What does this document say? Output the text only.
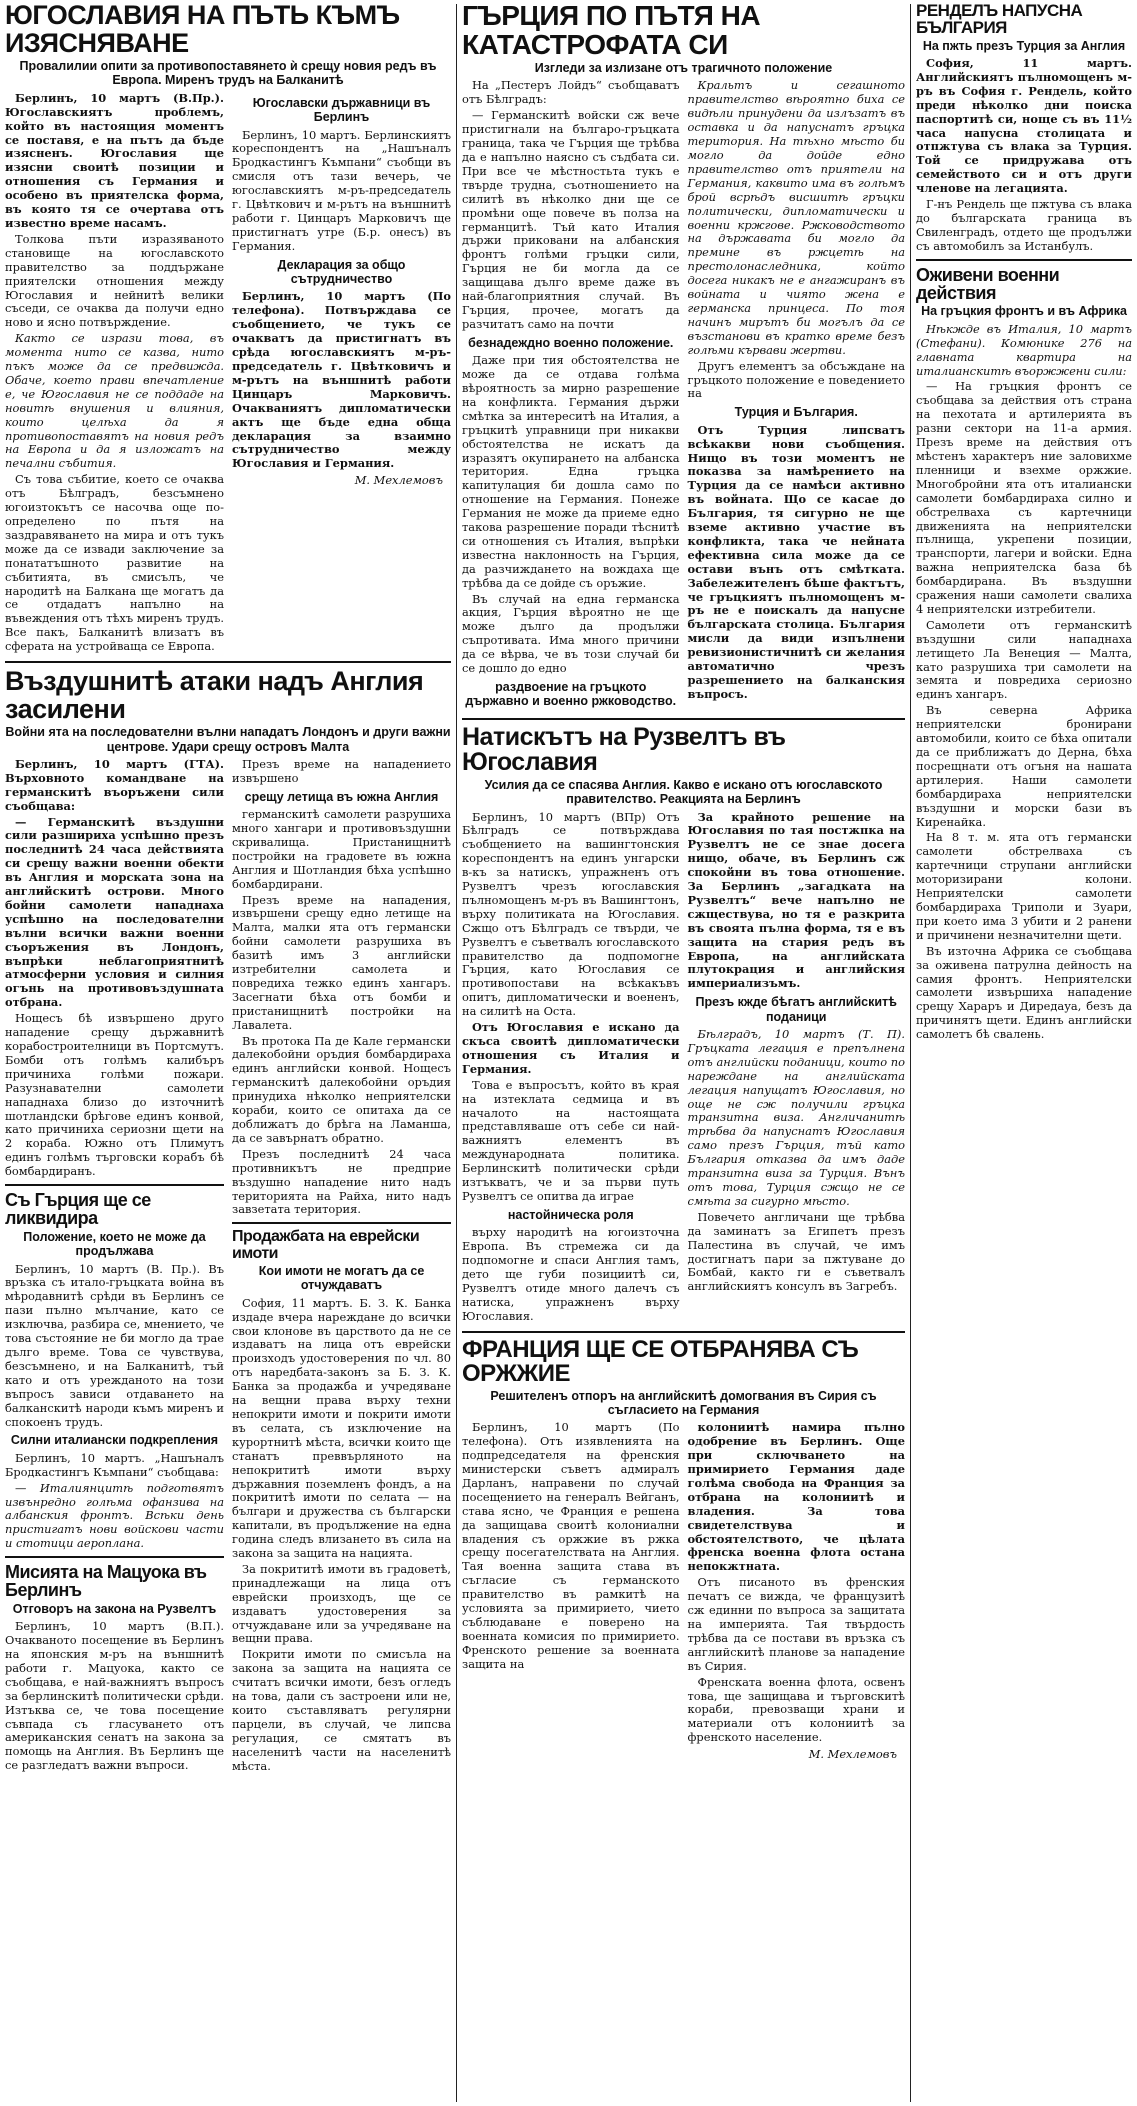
ЮГОСЛАВИЯ НА ПЪТЬ КЪМЪ ИЗЯСНЯВАНЕ
Провалилии опити за противопоставянето ѝ срещу новия редъ въ Европа. Миренъ трудъ на Балканитѣ

Берлинъ, 10 мартъ (В.Пр.). Югославскиятъ проблемъ, който въ настоящия моментъ се поставя, е на пътъ да бъде изясненъ. Югославия ще изясни своитѣ позиции и отношения съ Германия и особено въ приятелска форма, въ която тя се очертава отъ известно време насамъ.

Толкова пъти изразяваното становище на югославското правителство за поддържане приятелски отношения между Югославия и нейнитѣ велики съседи, се очаква да получи едно ново и ясно потвърждение.

Както се изрази това, въ момента нито се казва, нито пъкъ може да се предвижда. Обаче, което прави впечатление е, че Югославия не се поддаде на новитѣ внушения и влияния, които целѣха да я противопоставятъ на новия редъ на Европа и да я изложатъ на печални събития.

Съ това събитие, което се очаква отъ Бѣлградъ, безсъмнено югоизтокътъ се насочва още по-определено по пътя на заздравяването на мира и отъ тукъ може да се извади заключение за понататъшното развитие на събитията, въ смисълъ, че народитѣ на Балкана ще могатъ да се отдадатъ напълно на въвеждения отъ тѣхъ миренъ трудъ. Все пакъ, Балканитѣ влизатъ въ сферата на устройваща се Европа.

Югославски държавници въ Берлинъ

Берлинъ, 10 мартъ. Берлинскиятъ кореспондентъ на „Нашъналъ Бродкастингъ Къмпани“ съобщи въ смисля отъ тази вечерь, че югославскиятъ м-ръ-председатель г. Цвѣткович и м-рътъ на външнитѣ работи г. Цинцаръ Марковичъ ще пристигнатъ утре (Б.р. онесъ) въ Германия.

Декларация за общо сътрудничество

Берлинъ, 10 мартъ (По телефона). Потвърждава се съобщението, че тукъ се очакватъ да пристигнатъ въ срѣда югославскиятъ м-ръ-председатель г. Цвѣтковичъ и м-рътъ на външнитѣ работи Цинцаръ Марковичъ. Очакваниятъ дипломатически актъ ще бъде една обща декларация за взаимно сътрудничество между Югославия и Германия.

М. Мехлемовъ
Въздушнитѣ атаки надъ Англия засилени
Войни ята на последователни вълни нападатъ Лондонъ и други важни центрове. Удари срещу островъ Малта

Берлинъ, 10 мартъ (ГТА). Върховното командване на германскитѣ въоръжени сили съобщава:

— Германскитѣ въздушни сили разшириха успѣшно презъ последнитѣ 24 часа действията си срещу важни военни обекти въ Англия и морската зона на английскитѣ острови. Много бойни самолети нападнаха успѣшно на последователни вълни всички важни военни съоръжения въ Лондонъ, въпрѣки неблагоприятнитѣ атмосферни условия и силния огънь на противовъздушната отбрана.

Нощесъ бѣ извършено друго нападение срещу държавнитѣ корабостроителници въ Портсмутъ. Бомби отъ голѣмъ калибъръ причиниха голѣми пожари. Разузнавателни самолети нападнаха близо до източнитѣ шотландски брѣгове единъ конвой, като причиниха сериозни щети на 2 кораба. Южно отъ Плимутъ единъ голѣмъ търговски корабъ бѣ бомбардиранъ.

Съ Гърция ще се ликвидира
Положение, което не може да продължава

Берлинъ, 10 мартъ (В. Пр.). Въ връзка съ итало-гръцката война въ мѣродавнитѣ срѣди въ Берлинъ се пази пълно мълчание, като се изключва, разбира се, мнението, че това състояние не би могло да трае дълго време. Това се чувствува, безсъмнено, и на Балканитѣ, тъй като и отъ урежданото на този въпросъ зависи отдаването на балканскитѣ народи къмъ миренъ и спокоенъ трудъ.

Силни италиански подкрепления

Берлинъ, 10 мартъ. „Нашъналъ Бродкастингъ Къмпани“ съобщава:

— Италиянцитѣ подготвятъ извънредно голѣма офанзива на албанския фронтъ. Всѣки день пристигатъ нови войскови части и стотици аероплана.

Мисията на Мацуока въ Берлинъ
Отговоръ на закона на Рузвелтъ

Берлинъ, 10 мартъ (В.П.). Очакваното посещение въ Берлинъ на японския м-ръ на външнитѣ работи г. Мацуока, както се съобщава, е най-важниятъ въпросъ за берлинскитѣ политически срѣди. Изтъква се, че това посещение съвпада съ гласуването отъ американския сенатъ на закона за помощь на Англия. Въ Берлинъ ще се разгледатъ важни въпроси.

Презъ време на нападението извършено

срещу летища въ южна Англия

германскитѣ самолети разрушиха много хангари и противовъздушни скривалища. Пристанищнитѣ постройки на градовете въ южна Англия и Шотландия бѣха успѣшно бомбардирани.

Презъ време на нападения, извършени срещу едно летище на Малта, малки ята отъ германски бойни самолети разрушиха въ базитѣ имъ 3 английски изтребителни самолета и повредиха тежко единъ хангаръ. Засегнати бѣха отъ бомби и пристанищнитѣ постройки на Лавалета.

Въ протока Па де Кале германски далекобойни оръдия бомбардираха единъ английски конвой. Нощесъ германскитѣ далекобойни оръдия принудиха нѣколко неприятелски кораби, които се опитаха да се доближатъ до брѣга на Ламанша, да се завърнатъ обратно.

Презъ последнитѣ 24 часа противникътъ не предприе въздушно нападение нито надъ територията на Райха, нито надъ завзетата територия.

Продажбата на еврейски имоти
Кои имоти не могатъ да се отчуждаватъ

София, 11 мартъ. Б. З. К. Банка издаде вчера нареждане до всички свои клонове въ царството да не се издаватъ на лица отъ еврейски произходъ удостоверения по чл. 80 отъ наредбата-законъ за Б. З. К. Банка за продажба и учредяване на вещни права върху техни непокрити имоти и покрити имоти въ селата, съ изключение на курортнитѣ мѣста, всички които ще станатъ преввърляното на непокрититѣ имоти върху държавния поземленъ фондъ, а на покрититѣ имоти по селата — на българи и дружества съ български капитали, въ продължение на една година следъ влизането въ сила на закона за защита на нацията.

За покрититѣ имоти въ градоветѣ, принадлежащи на лица отъ еврейски произходъ, ще се издаватъ удостоверения за отчуждаване или за учредяване на вещни права.

Покрити имоти по смисъла на закона за защита на нацията се считатъ всички имоти, безъ огледъ на това, дали съ застроени или не, които съставляватъ регулярни парцели, въ случай, че липсва регулация, се смятатъ въ населенитѣ части на населенитѣ мѣста.

ГЪРЦИЯ ПО ПЪТЯ НА КАТАСТРОФАТА СИ
Изгледи за излизане отъ трагичното положение

На „Пестеръ Лойдъ“ съобщаватъ отъ Бѣлградъ:

— Германскитѣ войски сж вече пристигнали на българо-гръцката граница, така че Гърция ще трѣбва да е напълно наясно съ съдбата си. При все че мѣстностьта тукъ е твърде трудна, съотношението на силитѣ въ нѣколко дни ще се промѣни още повече въ полза на германцитѣ. Тъй като Италия държи приковани на албанския фронтъ голѣми гръцки сили, Гърция не би могла да се защищава дълго време даже въ най-благоприятния случай. Въ Гърция, прочее, могатъ да разчитатъ само на почти

безнадеждно военно положение.

Даже при тия обстоятелства не може да се отдава голѣма вѣроятность за мирно разрешение на конфликта. Германия държи смѣтка за интереситѣ на Италия, а гръцкитѣ управници при никакви обстоятелства не искатъ да изразятъ окупирането на албанска територия. Една гръцка капитулация би дошла само по отношение на Германия. Понеже Германия не може да приеме едно такова разрешение поради тѣснитѣ си отношения съ Италия, въпрѣки известна наклонность на Гърция, да разчиждането на вождаха ще трѣбва да се дойде съ оръжие.

Въ случай на една германска акция, Гърция вѣроятно не ще може дълго да продължи съпротивата. Има много причини да се вѣрва, че въ този случай би се дошло до едно

раздвоение на гръцкото държавно и военно ржководство.

Кральтъ и сегашното правителство вѣроятно биха се видѣли принудени да излъзатъ въ оставка и да напуснатъ гръцка територия. На тѣхно мѣсто би могло да дойде едно правителство отъ приятели на Германия, каквито има въ голѣмъ брой всрѣдъ висшитѣ гръцки политически, дипломатически и военни кржгове. Ржководството на държавата би могло да премине въ ржцетѣ на престолонаследника, който досега никакъ не е ангажиранъ въ войната и чиято жена е германска принцеса. По тоя начинъ мирътъ би могълъ да се възстанови въ кратко време безъ голѣми кървави жертви.

Другъ елементъ за обсъждане на гръцкото положение е поведението на

Турция и България.

Отъ Турция липсватъ всѣкакви нови съобщения. Нищо въ този моментъ не показва за намѣрението на Турция да се намѣси активно въ войната. Що се касае до България, тя сигурно не ще вземе активно участие въ конфликта, така че нейната ефективна сила може да се остави вънъ отъ смѣтката. Забележителенъ бѣше фактътъ, че гръцкиятъ пълномощенъ м-ръ не е поискалъ да напусне българската столица. България мисли да види изпълнени ревизионистичнитѣ си желания автоматично чрезъ разрешението на балканския въпросъ.

Натискътъ на Рузвелтъ въ Югославия
Усилия да се спасява Англия. Какво е искано отъ югославското правителство. Реакцията на Берлинъ

Берлинъ, 10 мартъ (ВПр) Отъ Бѣлградъ се потвърждава съобщението на вашингтонския кореспондентъ на единъ унгарски в-къ за натискъ, упражненъ отъ Рузвелтъ чрезъ югославския пълномощенъ м-ръ въ Вашингтонъ, върху политиката на Югославия. Сжщо отъ Бѣлградъ се твърди, че Рузвелтъ е съветвалъ югославското правителство да подпомогне Гърция, като Югославия се противопостави на всѣкакъвъ опитъ, дипломатически и воененъ, на силитѣ на Оста.

Отъ Югославия е искано да скъса своитѣ дипломатически отношения съ Италия и Германия.

Това е въпросътъ, който въ края на изтеклата седмица и въ началото на настоящата представляваше отъ себе си най-важниятъ елементъ въ международната политика. Берлинскитѣ политически срѣди изтъкватъ, че и за първи путь Рузвелтъ се опитва да играе

настойническа роля

върху народитѣ на югоизточна Европа. Въ стремежа си да подпомогне и спаси Англия тамъ, дето ще губи позициитѣ си, Рузвелтъ отиде много далечъ съ натиска, упражненъ върху Югославия.

За крайното решение на Югославия по тая постжпка на Рузвелтъ не се знае досега нищо, обаче, въ Берлинъ сж спокойни въ това отношение. За Берлинъ „загадката на Рузвелтъ“ вече напълно не сжществува, но тя е разкрита въ своята пълна форма, тя е въ защита на стария редъ въ Европа, на английската плутокрация и английския империализъмъ.

Презъ кжде бѣгатъ английскитѣ поданици

Бѣлградъ, 10 мартъ (Т. П). Гръцката легация е препълнена отъ английски поданици, които по нареждане на английската легация напущатъ Югославия, но още не сж получили гръцка транзитна виза. Англичанитѣ трѣбва да напуснатъ Югославия само презъ Гърция, тъй като България отказва да имъ даде транзитна виза за Турция. Вънъ отъ това, Турция сжщо не се смѣта за сигурно мѣсто.

Повечето англичани ще трѣбва да заминатъ за Египетъ презъ Палестина въ случай, че имъ достигнатъ пари за пжтуване до Бомбай, както ги е съветвалъ английскиятъ консулъ въ Загребъ.

ФРАНЦИЯ ЩЕ СЕ ОТБРАНЯВА СЪ ОРЖЖИЕ
Решителенъ отпоръ на английскитѣ домогвания въ Сирия съ съгласието на Германия

Берлинъ, 10 мартъ (По телефона). Отъ изявленията на подпредседателя на френския министерски съветъ адмиралъ Дарланъ, направени по случай посещението на генералъ Вейганъ, става ясно, че Франция е решена да защищава своитѣ колониални владения съ оржжие въ ржка срещу посегателствата на Англия. Тая военна защита става въ съгласие съ германското правителство въ рамкитѣ на условията за примирието, чието съблюдаване е поверено на военната комисия по примирието. Френското решение за военната защита на

колониитѣ намира пълно одобрение въ Берлинъ. Още при сключването на примирието Германия даде голѣма свобода на Франция за отбрана на колониитѣ и владения. За това свидетелствува и обстоятелството, че цѣлата френска военна флота остана непокжтната.

Отъ писаното въ френския печатъ се вижда, че французитѣ сж единни по въпроса за защитата на империята. Тая твърдость трѣбва да се постави въ връзка съ английскитѣ планове за нападение въ Сирия.

Френската военна флота, освенъ това, ще защищава и търговскитѣ кораби, превозващи храни и материали отъ колониитѣ за френското население.

М. Мехлемовъ
РЕНДЕЛЪ НАПУСНА БЪЛГАРИЯ
На пжть презъ Турция за Англия

София, 11 мартъ. Английскиятъ пълномощенъ м-ръ въ София г. Рендель, който преди нѣколко дни поиска паспортитѣ си, ноще съ въ 11½ часа напусна столицата и отпжтува съ влака за Турция. Той се придружава отъ семейството си и отъ други членове на легацията.

Г-нъ Рендель ще пжтува съ влака до българската граница въ Свиленградъ, отдето ще продължи съ автомобилъ за Истанбулъ.

Оживени военни действия
На гръцкия фронтъ и въ Африка

Нѣкжде въ Италия, 10 мартъ (Стефани). Комюнике 276 на главната квартира на италианскитѣ въоржжени сили:

— На гръцкия фронтъ се съобщава за действия отъ страна на пехотата и артилерията въ разни сектори на 11-а армия. Презъ време на действия отъ мѣстенъ характеръ ние заловихме пленници и взехме оржжие. Многобройни ята отъ италиански самолети бомбардираха силно и обстрелваха съ картечници движенията на неприятелски пълнища, укрепени позиции, транспорти, лагери и войски. Една важна неприятелска база бѣ бомбардирана. Въ въздушни сражения наши самолети свалиха 4 неприятелски изтребители.

Самолети отъ германскитѣ въздушни сили нападнаха летището Ла Венеция — Малта, като разрушиха три самолети на земята и повредиха сериозно единъ хангаръ.

Въ северна Африка неприятелски бронирани автомобили, които се бѣха опитали да се приближатъ до Дерна, бѣха посрещнати отъ огъня на нашата артилерия. Наши самолети бомбардираха неприятелски въздушни и морски бази въ Киренайка.

На 8 т. м. ята отъ германски самолети обстрелваха съ картечници струпани английски моторизирани колони. Неприятелски самолети бомбардираха Триполи и Зуари, при което има 3 убити и 2 ранени и причинени незначителни щети.

Въ източна Африка се съобщава за оживена патрулна дейность на самия фронтъ. Неприятелски самолети извършиха нападение срещу Хараръ и Диредауа, безъ да причинятъ щети. Единъ английски самолетъ бѣ свалень.
